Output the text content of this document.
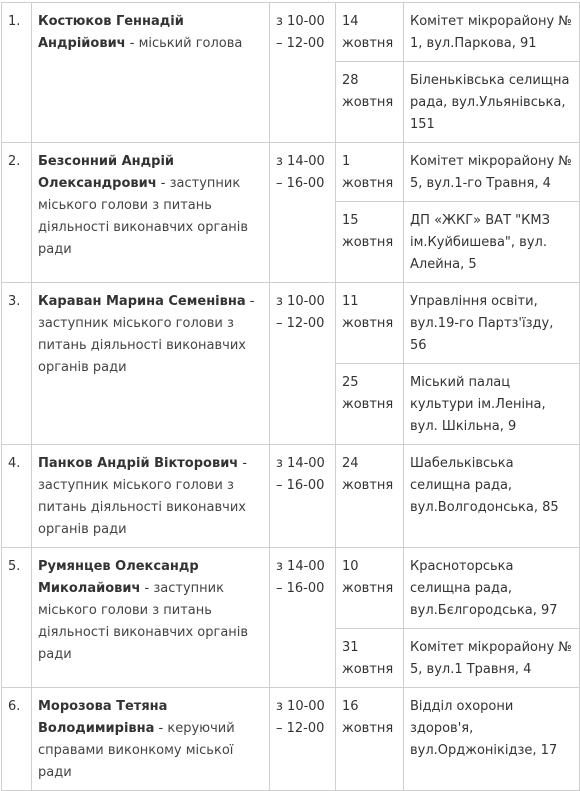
1.	Костюков Геннадій Андрійович - міський голова	з 10-00 – 12-00	14 жовтня	Комітет мікрорайону № 1, вул.Паркова, 91
			28 жовтня	Біленьківська селищна рада, вул.Ульянівська, 151
2.	Безсонний Андрій Олександрович - заступник міського голови з питань діяльності виконавчих органів ради	з 14-00 – 16-00	1 жовтня	Комітет мікрорайону № 5, вул.1-го Травня, 4
			15 жовтня	ДП «ЖКГ» ВАТ "КМЗ ім.Куйбишева", вул. Алейна, 5
3.	Караван Марина Семенівна - заступник міського голови з питань діяльності виконавчих органів ради	з 10-00 – 12-00	11 жовтня	Управління освіти, вул.19-го Партз'їзду, 56
			25 жовтня	Міський палац культури ім.Леніна, вул. Шкільна, 9
4.	Панков Андрій Вікторович - заступник міського голови з питань діяльності виконавчих органів ради	з 14-00 – 16-00	24 жовтня	Шабельківська селищна рада, вул.Волгодонська, 85
5.	Румянцев Олександр Миколайович - заступник міського голови з питань діяльності виконавчих органів ради	з 14-00 – 16-00	10 жовтня	Красноторська селищна рада, вул.Бєлгородська, 97
			31 жовтня	Комітет мікрорайону № 5, вул.1 Травня, 4
6.	Морозова Тетяна Володимирівна - керуючий справами виконкому міської ради	з 10-00 – 12-00	16 жовтня	Відділ охорони здоров'я, вул.Орджонікідзе, 17
